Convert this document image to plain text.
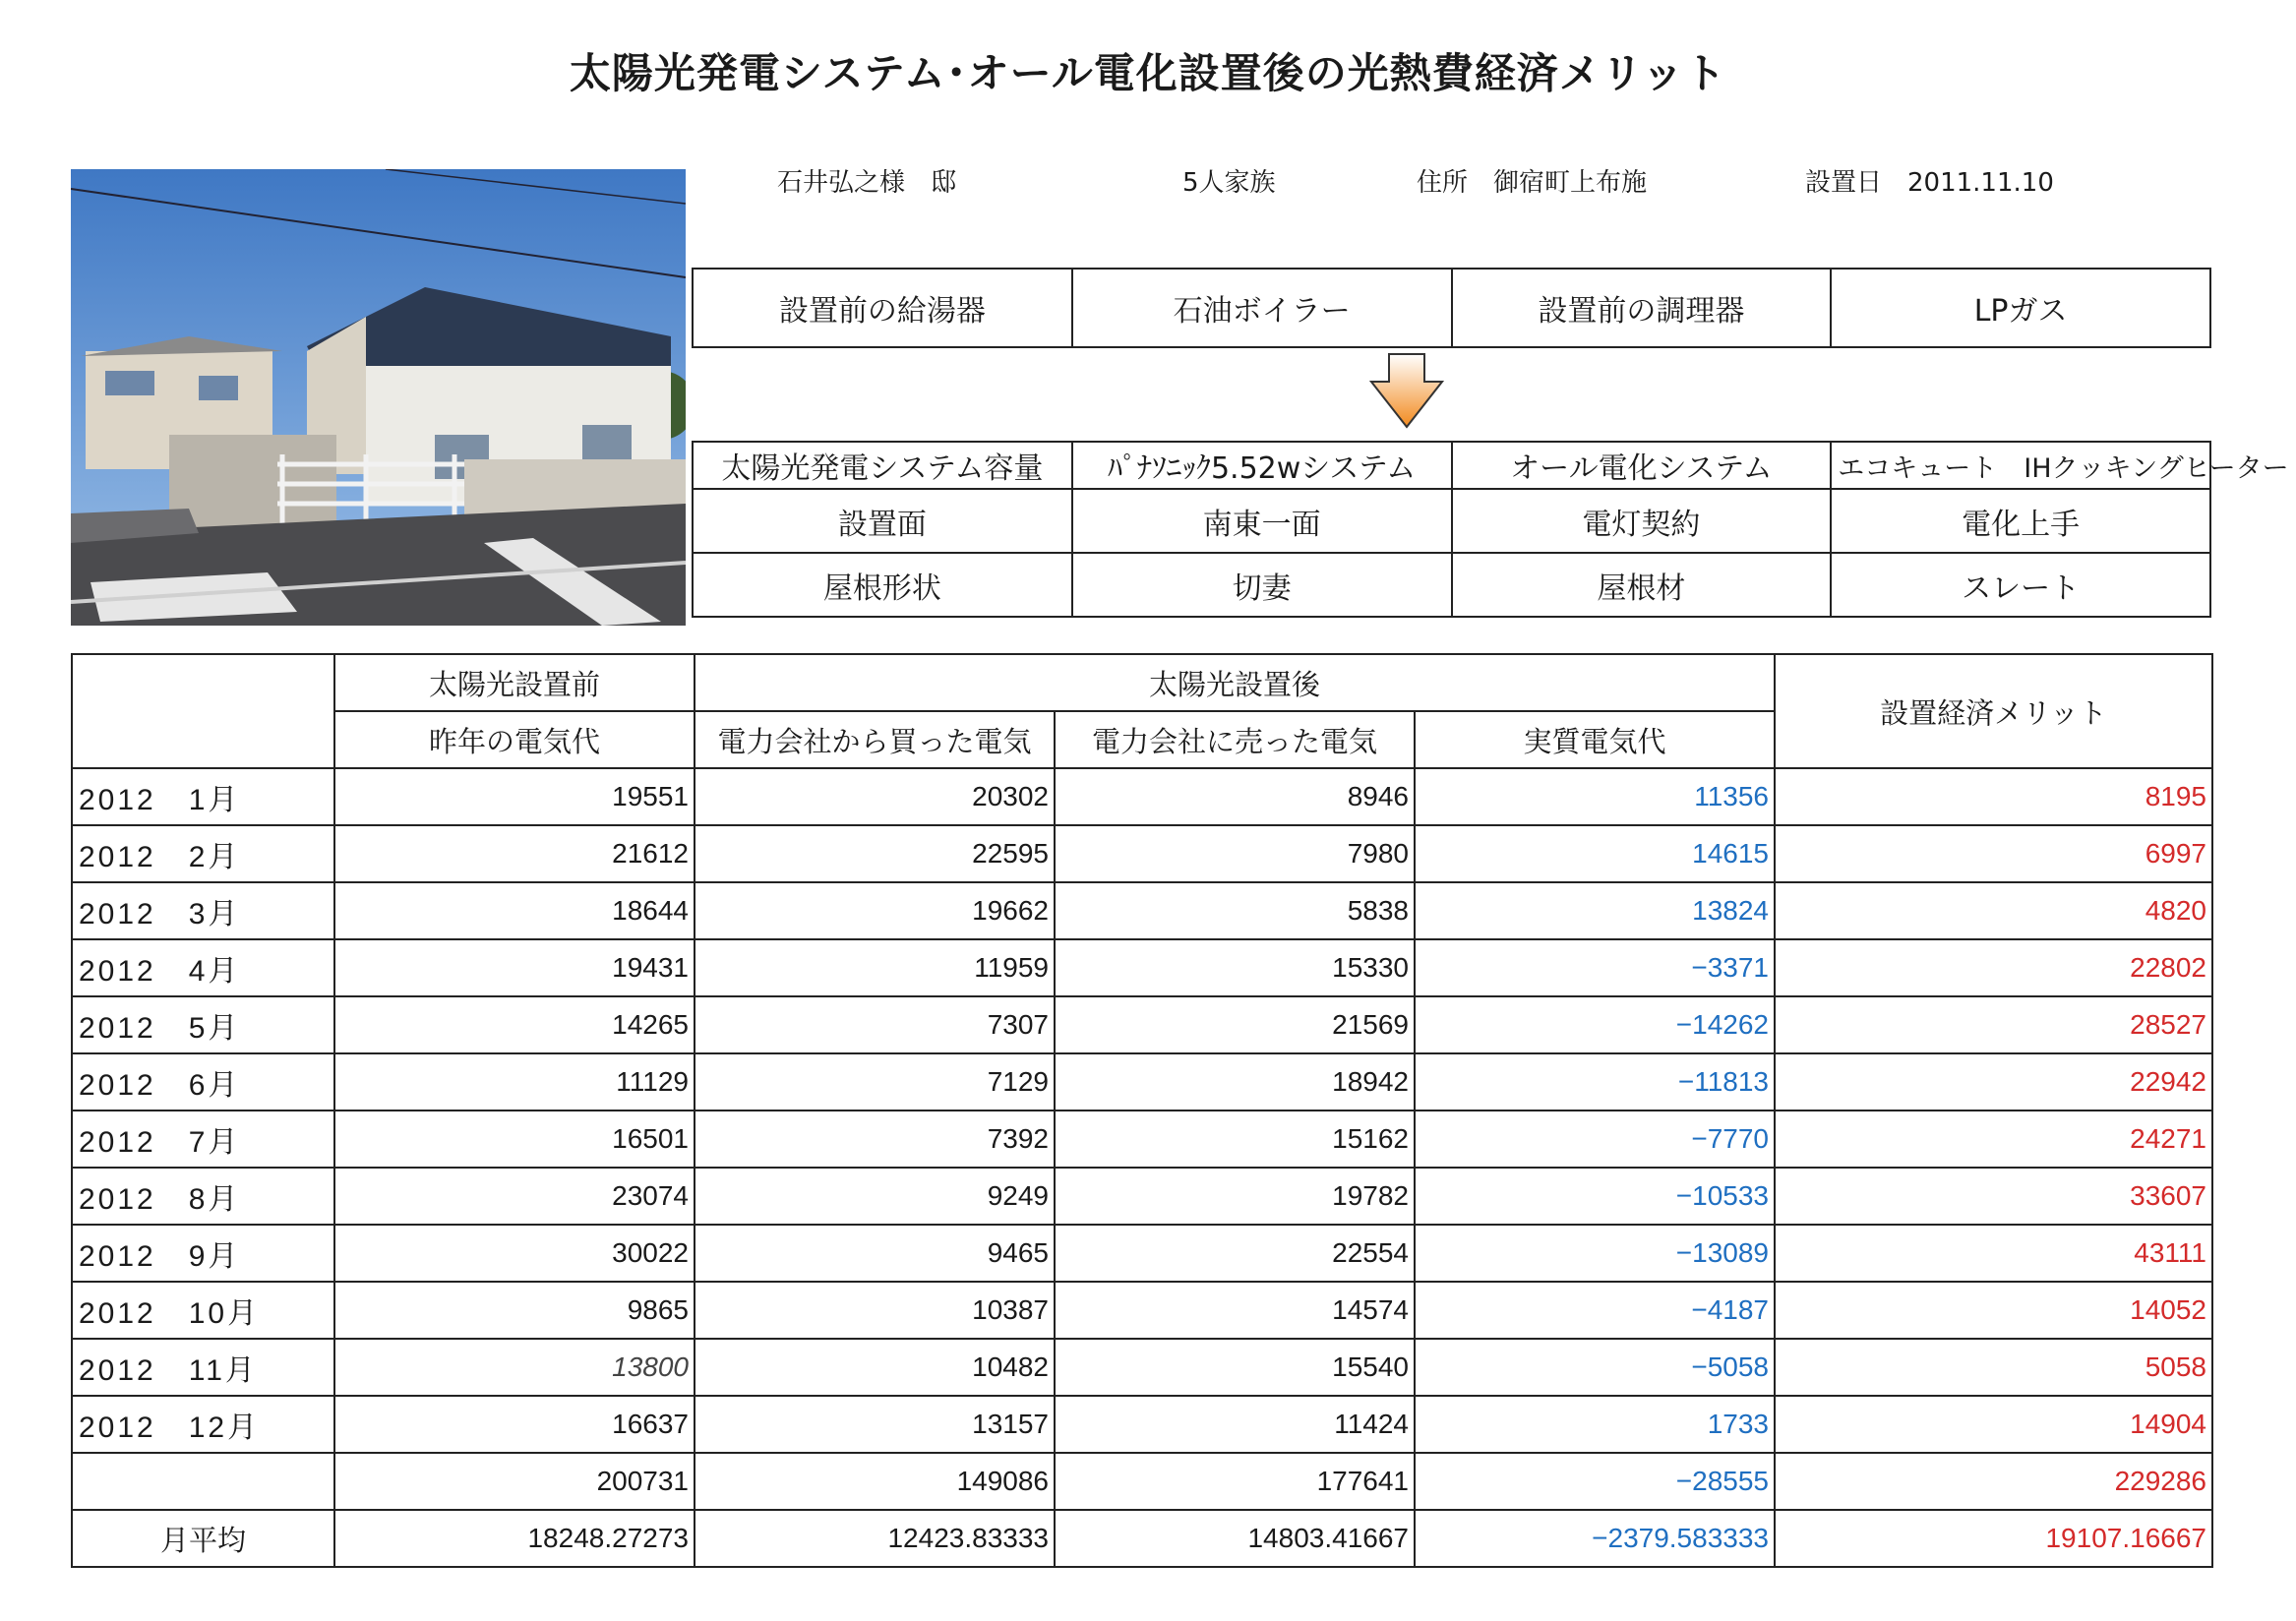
太陽光発電システム･オール電化設置後の光熱費経済メリット
石井弘之様　邸	5人家族	住所　御宿町上布施	設置日　2011.11.10
設置前の給湯器	石油ボイラー	設置前の調理器	LPガス
太陽光発電システム容量	ﾊﾟﾅｿﾆｯｸ5.52wシステム	オール電化システム	エコキュート　IHクッキングヒーター
設置面	南東一面	電灯契約	電化上手
屋根形状	切妻	屋根材	スレート
	太陽光設置前	太陽光設置後			設置経済メリット
	昨年の電気代	電力会社から買った電気	電力会社に売った電気	実質電気代	
2012　1月	19551	20302	8946	11356	8195
2012　2月	21612	22595	7980	14615	6997
2012　3月	18644	19662	5838	13824	4820
2012　4月	19431	11959	15330	−3371	22802
2012　5月	14265	7307	21569	−14262	28527
2012　6月	11129	7129	18942	−11813	22942
2012　7月	16501	7392	15162	−7770	24271
2012　8月	23074	9249	19782	−10533	33607
2012　9月	30022	9465	22554	−13089	43111
2012　10月	9865	10387	14574	−4187	14052
2012　11月	13800	10482	15540	−5058	5058
2012　12月	16637	13157	11424	1733	14904
	200731	149086	177641	−28555	229286
月平均	18248.27273	12423.83333	14803.41667	−2379.583333	19107.16667
